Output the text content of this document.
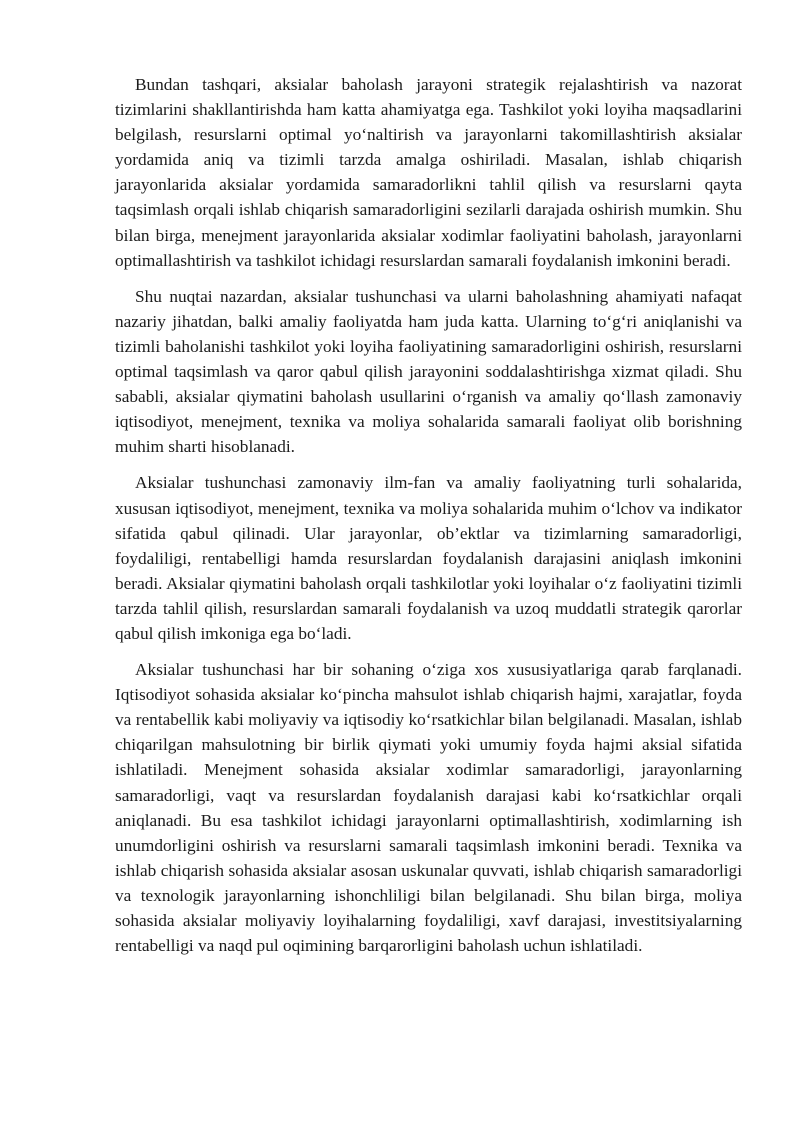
Bundan tashqari, aksialar baholash jarayoni strategik rejalashtirish va nazorat tizimlarini shakllantirishda ham katta ahamiyatga ega. Tashkilot yoki loyiha maqsadlarini belgilash, resurslarni optimal yo‘naltirish va jarayonlarni takomillashtirish aksialar yordamida aniq va tizimli tarzda amalga oshiriladi. Masalan, ishlab chiqarish jarayonlarida aksialar yordamida samaradorlikni tahlil qilish va resurslarni qayta taqsimlash orqali ishlab chiqarish samaradorligini sezilarli darajada oshirish mumkin. Shu bilan birga, menejment jarayonlarida aksialar xodimlar faoliyatini baholash, jarayonlarni optimallashtirish va tashkilot ichidagi resurslardan samarali foydalanish imkonini beradi.

Shu nuqtai nazardan, aksialar tushunchasi va ularni baholashning ahamiyati nafaqat nazariy jihatdan, balki amaliy faoliyatda ham juda katta. Ularning to‘g‘ri aniqlanishi va tizimli baholanishi tashkilot yoki loyiha faoliyatining samaradorligini oshirish, resurslarni optimal taqsimlash va qaror qabul qilish jarayonini soddalashtirishga xizmat qiladi. Shu sababli, aksialar qiymatini baholash usullarini o‘rganish va amaliy qo‘llash zamonaviy iqtisodiyot, menejment, texnika va moliya sohalarida samarali faoliyat olib borishning muhim sharti hisoblanadi.

Aksialar tushunchasi zamonaviy ilm-fan va amaliy faoliyatning turli sohalarida, xususan iqtisodiyot, menejment, texnika va moliya sohalarida muhim o‘lchov va indikator sifatida qabul qilinadi. Ular jarayonlar, ob’ektlar va tizimlarning samaradorligi, foydaliligi, rentabelligi hamda resurslardan foydalanish darajasini aniqlash imkonini beradi. Aksialar qiymatini baholash orqali tashkilotlar yoki loyihalar o‘z faoliyatini tizimli tarzda tahlil qilish, resurslardan samarali foydalanish va uzoq muddatli strategik qarorlar qabul qilish imkoniga ega bo‘ladi.

Aksialar tushunchasi har bir sohaning o‘ziga xos xususiyatlariga qarab farqlanadi. Iqtisodiyot sohasida aksialar ko‘pincha mahsulot ishlab chiqarish hajmi, xarajatlar, foyda va rentabellik kabi moliyaviy va iqtisodiy ko‘rsatkichlar bilan belgilanadi. Masalan, ishlab chiqarilgan mahsulotning bir birlik qiymati yoki umumiy foyda hajmi aksial sifatida ishlatiladi. Menejment sohasida aksialar xodimlar samaradorligi, jarayonlarning samaradorligi, vaqt va resurslardan foydalanish darajasi kabi ko‘rsatkichlar orqali aniqlanadi. Bu esa tashkilot ichidagi jarayonlarni optimallashtirish, xodimlarning ish unumdorligini oshirish va resurslarni samarali taqsimlash imkonini beradi. Texnika va ishlab chiqarish sohasida aksialar asosan uskunalar quvvati, ishlab chiqarish samaradorligi va texnologik jarayonlarning ishonchliligi bilan belgilanadi. Shu bilan birga, moliya sohasida aksialar moliyaviy loyihalarning foydaliligi, xavf darajasi, investitsiyalarning rentabelligi va naqd pul oqimining barqarorligini baholash uchun ishlatiladi.
